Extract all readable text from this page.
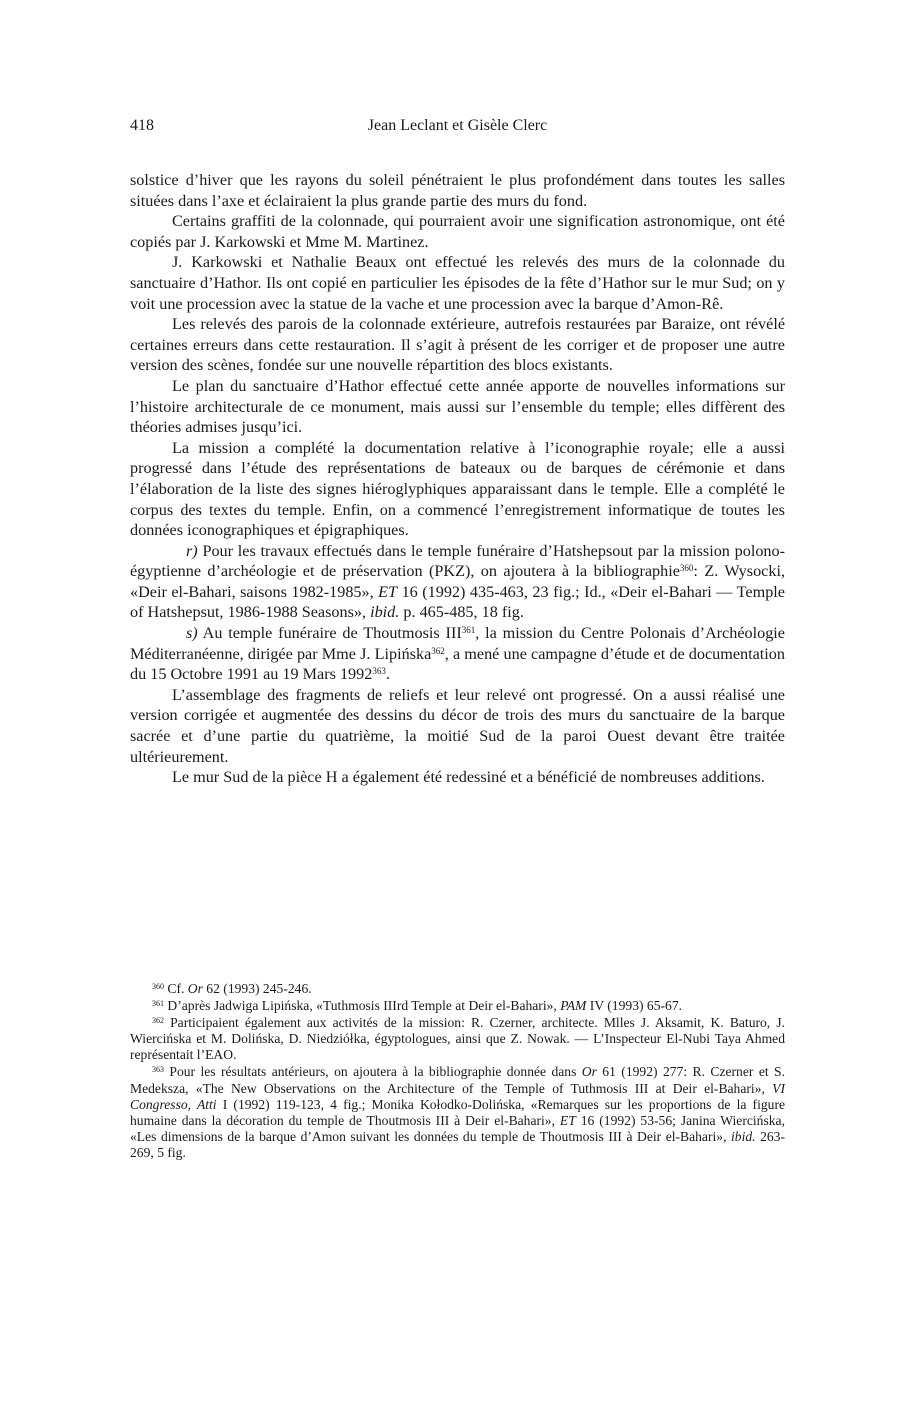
418	Jean Leclant et Gisèle Clerc

solstice d’hiver que les rayons du soleil pénétraient le plus profondément dans toutes les salles situées dans l’axe et éclairaient la plus grande partie des murs du fond.

Certains graffiti de la colonnade, qui pourraient avoir une signification astronomique, ont été copiés par J. Karkowski et Mme M. Martinez.

J. Karkowski et Nathalie Beaux ont effectué les relevés des murs de la colonnade du sanctuaire d’Hathor. Ils ont copié en particulier les épisodes de la fête d’Hathor sur le mur Sud; on y voit une procession avec la statue de la vache et une procession avec la barque d’Amon-Rê.

Les relevés des parois de la colonnade extérieure, autrefois restaurées par Baraize, ont révélé certaines erreurs dans cette restauration. Il s’agit à présent de les corriger et de proposer une autre version des scènes, fondée sur une nouvelle répartition des blocs existants.

Le plan du sanctuaire d’Hathor effectué cette année apporte de nouvelles informations sur l’histoire architecturale de ce monument, mais aussi sur l’ensemble du temple; elles diffèrent des théories admises jusqu’ici.

La mission a complété la documentation relative à l’iconographie royale; elle a aussi progressé dans l’étude des représentations de bateaux ou de barques de cérémonie et dans l’élaboration de la liste des signes hiéroglyphiques apparaissant dans le temple. Elle a complété le corpus des textes du temple. Enfin, on a commencé l’enregistrement informatique de toutes les données iconographiques et épigraphiques.

r) Pour les travaux effectués dans le temple funéraire d’Hatshepsout par la mission polono-égyptienne d’archéologie et de préservation (PKZ), on ajoutera à la bibliographie$^{360}$: Z. Wysocki, «Deir el-Bahari, saisons 1982-1985», ET 16 (1992) 435-463, 23 fig.; Id., «Deir el-Bahari — Temple of Hatshepsut, 1986-1988 Seasons», ibid. p. 465-485, 18 fig.

s) Au temple funéraire de Thoutmosis III$^{361}$, la mission du Centre Polonais d’Archéologie Méditerranéenne, dirigée par Mme J. Lipińska$^{362}$, a mené une campagne d’étude et de documentation du 15 Octobre 1991 au 19 Mars 1992$^{363}$.

L’assemblage des fragments de reliefs et leur relevé ont progressé. On a aussi réalisé une version corrigée et augmentée des dessins du décor de trois des murs du sanctuaire de la barque sacrée et d’une partie du quatrième, la moitié Sud de la paroi Ouest devant être traitée ultérieurement.

Le mur Sud de la pièce H a également été redessiné et a bénéficié de nombreuses additions.

$^{360}$ Cf. Or 62 (1993) 245-246.

$^{361}$ D’après Jadwiga Lipińska, «Tuthmosis IIIrd Temple at Deir el-Bahari», PAM IV (1993) 65-67.

$^{362}$ Participaient également aux activités de la mission: R. Czerner, architecte. Mlles J. Aksamit, K. Baturo, J. Wiercińska et M. Dolińska, D. Niedziółka, égyptologues, ainsi que Z. Nowak. — L’Inspecteur El-Nubi Taya Ahmed représentait l’EAO.

$^{363}$ Pour les résultats antérieurs, on ajoutera à la bibliographie donnée dans Or 61 (1992) 277: R. Czerner et S. Medeksza, «The New Observations on the Architecture of the Temple of Tuthmosis III at Deir el-Bahari», VI Congresso, Atti I (1992) 119-123, 4 fig.; Monika Kołodko-Dolińska, «Remarques sur les proportions de la figure humaine dans la décoration du temple de Thoutmosis III à Deir el-Bahari», ET 16 (1992) 53-56; Janina Wiercińska, «Les dimensions de la barque d’Amon suivant les données du temple de Thoutmosis III à Deir el-Bahari», ibid. 263-269, 5 fig.
